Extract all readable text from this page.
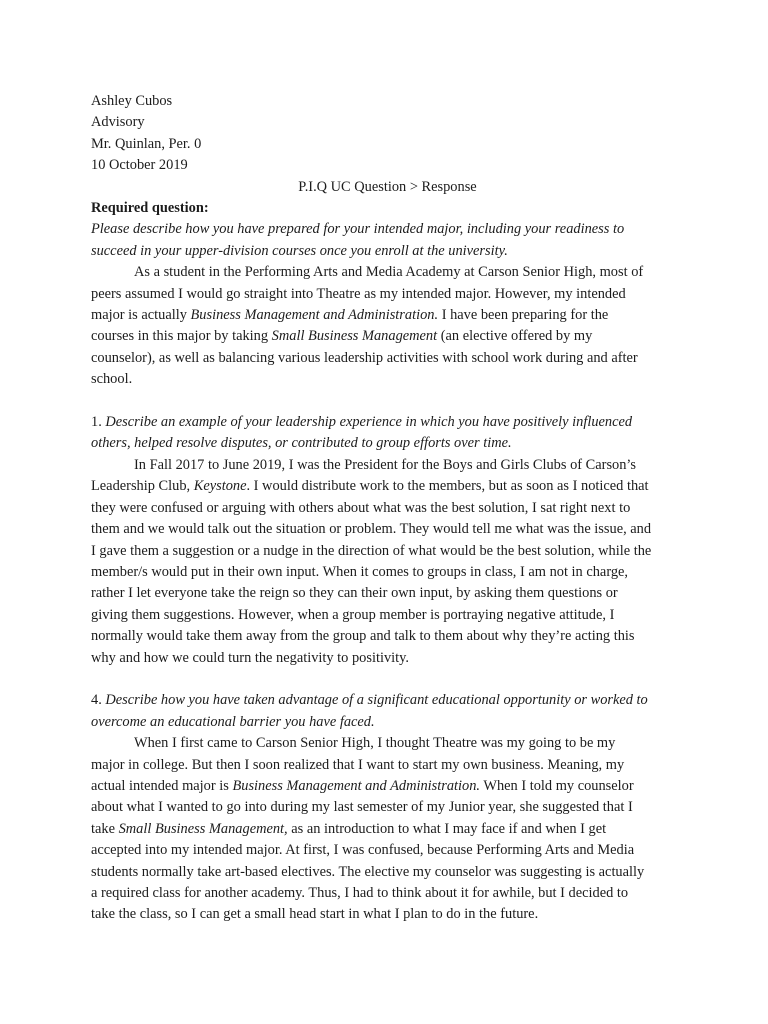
Ashley Cubos
Advisory
Mr. Quinlan, Per. 0
10 October 2019
P.I.Q UC Question > Response
Required question:
Please describe how you have prepared for your intended major, including your readiness to
succeed in your upper-division courses once you enroll at the university.
As a student in the Performing Arts and Media Academy at Carson Senior High, most of
peers assumed I would go straight into Theatre as my intended major. However, my intended
major is actually Business Management and Administration. I have been preparing for the
courses in this major by taking Small Business Management (an elective offered by my
counselor), as well as balancing various leadership activities with school work during and after
school.
1. Describe an example of your leadership experience in which you have positively influenced
others, helped resolve disputes, or contributed to group efforts over time.
In Fall 2017 to June 2019, I was the President for the Boys and Girls Clubs of Carson’s
Leadership Club, Keystone. I would distribute work to the members, but as soon as I noticed that
they were confused or arguing with others about what was the best solution, I sat right next to
them and we would talk out the situation or problem. They would tell me what was the issue, and
I gave them a suggestion or a nudge in the direction of what would be the best solution, while the
member/s would put in their own input. When it comes to groups in class, I am not in charge,
rather I let everyone take the reign so they can their own input, by asking them questions or
giving them suggestions. However, when a group member is portraying negative attitude, I
normally would take them away from the group and talk to them about why they’re acting this
why and how we could turn the negativity to positivity.
4. Describe how you have taken advantage of a significant educational opportunity or worked to
overcome an educational barrier you have faced.
When I first came to Carson Senior High, I thought Theatre was my going to be my
major in college. But then I soon realized that I want to start my own business. Meaning, my
actual intended major is Business Management and Administration. When I told my counselor
about what I wanted to go into during my last semester of my Junior year, she suggested that I
take Small Business Management, as an introduction to what I may face if and when I get
accepted into my intended major. At first, I was confused, because Performing Arts and Media
students normally take art-based electives. The elective my counselor was suggesting is actually
a required class for another academy. Thus, I had to think about it for awhile, but I decided to
take the class, so I can get a small head start in what I plan to do in the future.
